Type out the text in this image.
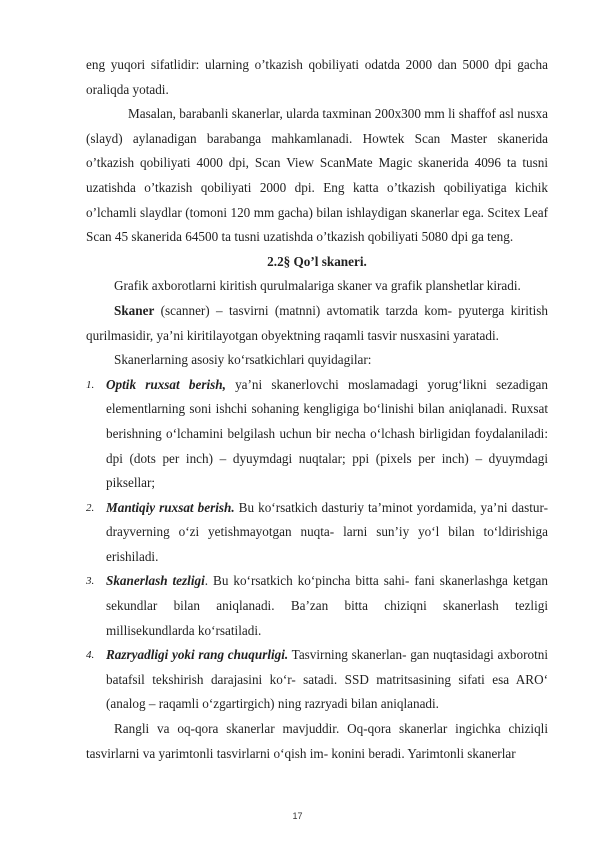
eng yuqori sifatlidir: ularning o’tkazish qobiliyati odatda 2000 dan 5000 dpi gacha oraliqda yotadi.

Masalan, barabanli skanerlar, ularda taxminan 200x300 mm li shaffof asl nusxa (slayd) aylanadigan barabanga mahkamlanadi. Howtek Scan Master skanerida o’tkazish qobiliyati 4000 dpi, Scan View ScanMate Magic skanerida 4096 ta tusni uzatishda o’tkazish qobiliyati 2000 dpi. Eng katta o’tkazish qobiliyatiga kichik o’lchamli slaydlar (tomoni 120 mm gacha) bilan ishlaydigan skanerlar ega. Scitex Leaf Scan 45 skanerida 64500 ta tusni uzatishda o’tkazish qobiliyati 5080 dpi ga teng.

2.2§ Qo’l skaneri.

Grafik axborotlarni kiritish qurulmalariga skaner va grafik planshetlar kiradi.

Skaner (scanner) – tasvirni (matnni) avtomatik tarzda kom- pyuterga kiritish qurilmasidir, ya’ni kiritilayotgan obyektning raqamli tasvir nusxasini yaratadi.

Skanerlarning asosiy ko‘rsatkichlari quyidagilar:

1. Optik ruxsat berish, ya’ni skanerlovchi moslamadagi yorug‘likni sezadigan elementlarning soni ishchi sohaning kengligiga bo‘linishi bilan aniqlanadi. Ruxsat berishning o‘lchamini belgilash uchun bir necha o‘lchash birligidan foydalaniladi: dpi (dots per inch) – dyuymdagi nuqtalar; ppi (pixels per inch) – dyuymdagi piksellar;
2. Mantiqiy ruxsat berish. Bu ko‘rsatkich dasturiy ta’minot yordamida, ya’ni dastur-drayverning o‘zi yetishmayotgan nuqta- larni sun’iy yo‘l bilan to‘ldirishiga erishiladi.
3. Skanerlash tezligi. Bu ko‘rsatkich ko‘pincha bitta sahi- fani skanerlashga ketgan sekundlar bilan aniqlanadi. Ba’zan bitta chiziqni skanerlash tezligi millisekundlarda ko‘rsatiladi.
4. Razryadligi yoki rang chuqurligi. Tasvirning skanerlan- gan nuqtasidagi axborotni batafsil tekshirish darajasini ko‘r- satadi. SSD matritsasining sifati esa ARO‘ (analog – raqamli o‘zgartirgich) ning razryadi bilan aniqlanadi.

Rangli va oq-qora skanerlar mavjuddir. Oq-qora skanerlar ingichka chiziqli tasvirlarni va yarimtonli tasvirlarni o‘qish im- konini beradi. Yarimtonli skanerlar

17
